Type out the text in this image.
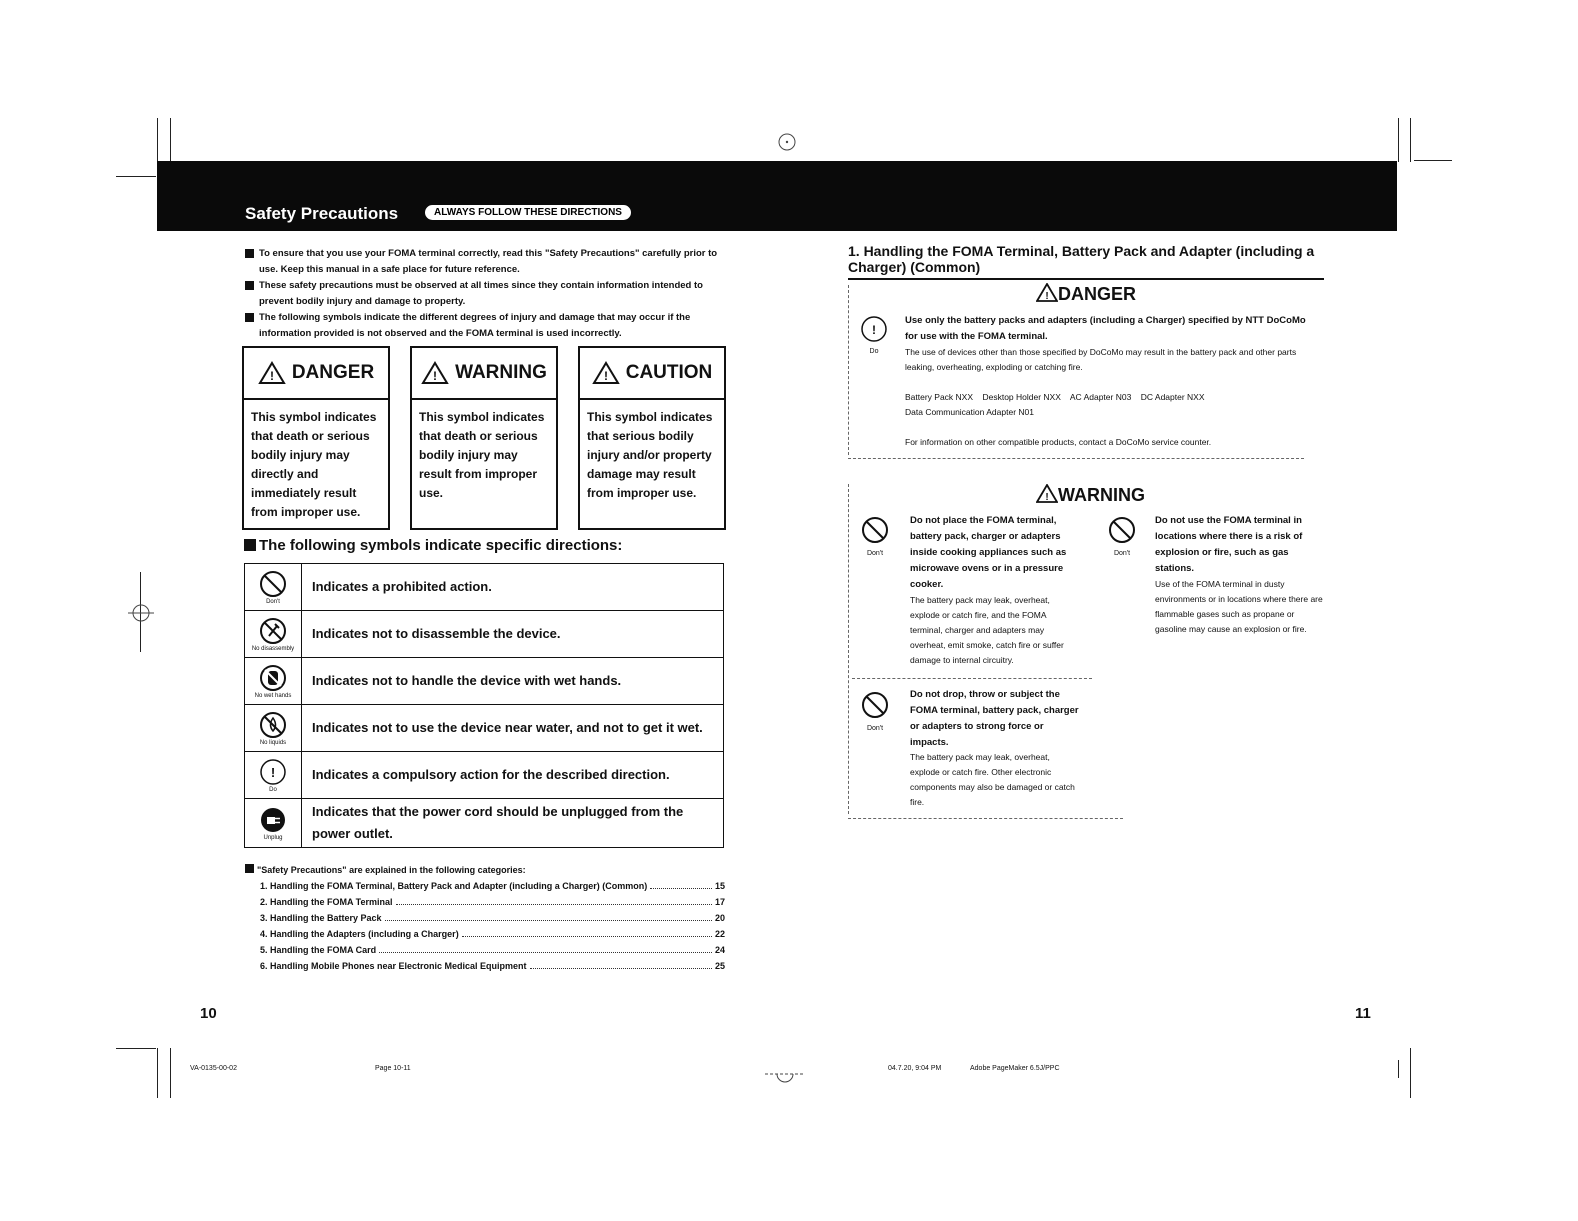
Safety Precautions	ALWAYS FOLLOW THESE DIRECTIONS
To ensure that you use your FOMA terminal correctly, read this "Safety Precautions" carefully prior to use. Keep this manual in a safe place for future reference.
These safety precautions must be observed at all times since they contain information intended to prevent bodily injury and damage to property.
The following symbols indicate the different degrees of injury and damage that may occur if the information provided is not observed and the FOMA terminal is used incorrectly.
! DANGER
This symbol indicates that death or serious bodily injury may directly and immediately result from improper use.
! WARNING
This symbol indicates that death or serious bodily injury may result from improper use.
! CAUTION
This symbol indicates that serious bodily injury and/or property damage may result from improper use.
The following symbols indicate specific directions:
Don't
Indicates a prohibited action.
No disassembly
Indicates not to disassemble the device.
No wet hands
Indicates not to handle the device with wet hands.
No liquids
Indicates not to use the device near water, and not to get it wet.
!
Do
Indicates a compulsory action for the described direction.
Unplug
Indicates that the power cord should be unplugged from the power outlet.
"Safety Precautions" are explained in the following categories:
1. Handling the FOMA Terminal, Battery Pack and Adapter (including a Charger) (Common)	15
2. Handling the FOMA Terminal	17
3. Handling the Battery Pack	20
4. Handling the Adapters (including a Charger)	22
5. Handling the FOMA Card	24
6. Handling Mobile Phones near Electronic Medical Equipment	25
10	11
VA-0135-00-02	Page 10-11	04.7.20, 9:04 PM	Adobe PageMaker 6.5J/PPC
1. Handling the FOMA Terminal, Battery Pack and Adapter (including a Charger) (Common)
! DANGER
!
Do
Use only the battery packs and adapters (including a Charger) specified by NTT DoCoMo for use with the FOMA terminal.
The use of devices other than those specified by DoCoMo may result in the battery pack and other parts leaking, overheating, exploding or catching fire.
Battery Pack NXX    Desktop Holder NXX    AC Adapter N03    DC Adapter NXX
Data Communication Adapter N01
For information on other compatible products, contact a DoCoMo service counter.
! WARNING
Don't
Do not place the FOMA terminal, battery pack, charger or adapters inside cooking appliances such as microwave ovens or in a pressure cooker.
The battery pack may leak, overheat, explode or catch fire, and the FOMA terminal, charger and adapters may overheat, emit smoke, catch fire or suffer damage to internal circuitry.
Don't
Do not use the FOMA terminal in locations where there is a risk of explosion or fire, such as gas stations.
Use of the FOMA terminal in dusty environments or in locations where there are flammable gases such as propane or gasoline may cause an explosion or fire.
Don't
Do not drop, throw or subject the FOMA terminal, battery pack, charger or adapters to strong force or impacts.
The battery pack may leak, overheat, explode or catch fire. Other electronic components may also be damaged or catch fire.
